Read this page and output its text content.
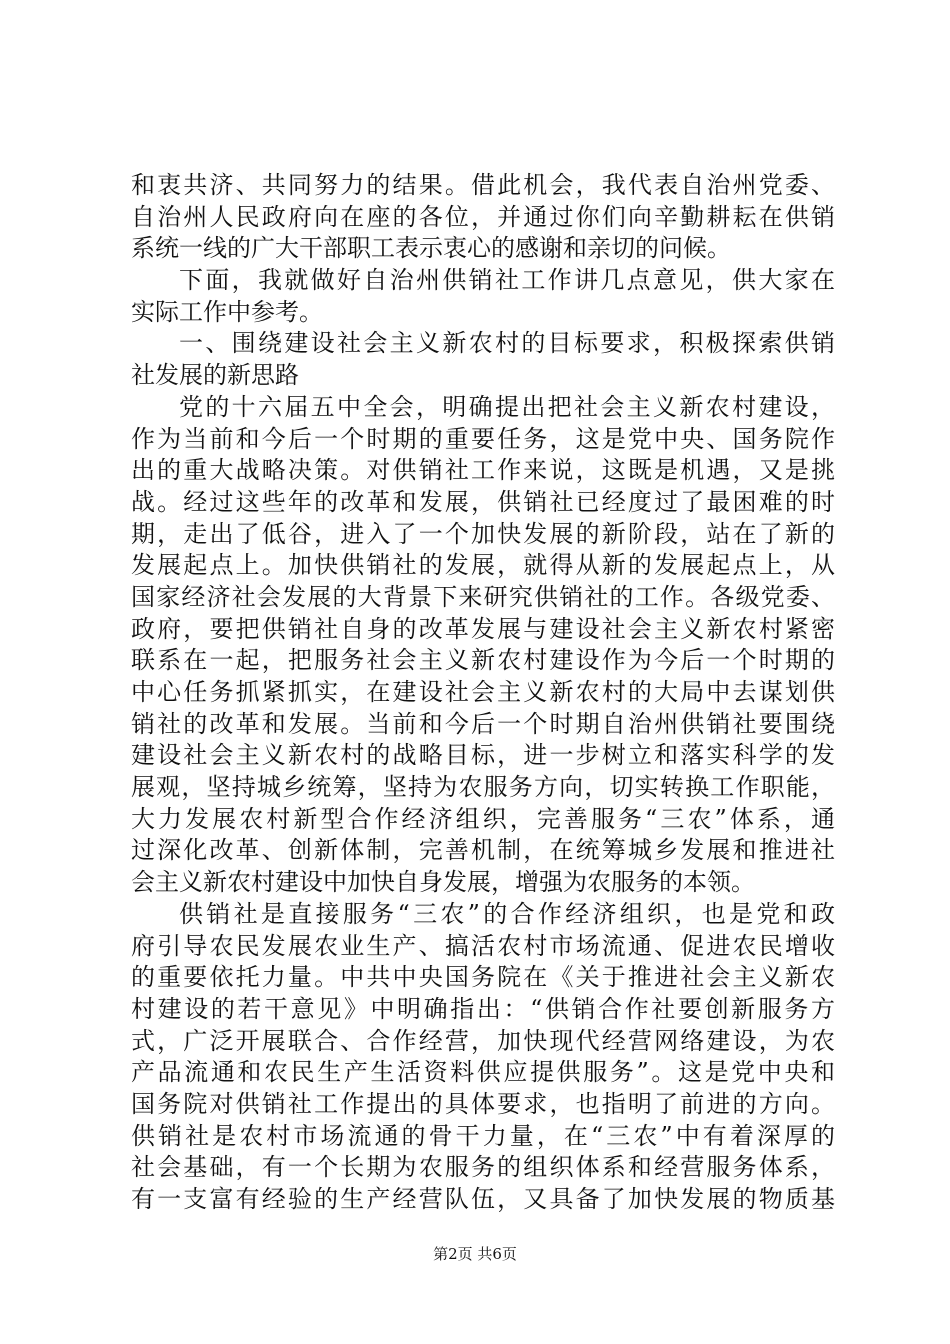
和衷共济、共同努力的结果。借此机会，我代表自治州党委、
自治州人民政府向在座的各位，并通过你们向辛勤耕耘在供销
系统一线的广大干部职工表示衷心的感谢和亲切的问候。
下面，我就做好自治州供销社工作讲几点意见，供大家在
实际工作中参考。
一、围绕建设社会主义新农村的目标要求，积极探索供销
社发展的新思路
党的十六届五中全会，明确提出把社会主义新农村建设，
作为当前和今后一个时期的重要任务，这是党中央、国务院作
出的重大战略决策。对供销社工作来说，这既是机遇，又是挑
战。经过这些年的改革和发展，供销社已经度过了最困难的时
期，走出了低谷，进入了一个加快发展的新阶段，站在了新的
发展起点上。加快供销社的发展，就得从新的发展起点上，从
国家经济社会发展的大背景下来研究供销社的工作。各级党委、
政府，要把供销社自身的改革发展与建设社会主义新农村紧密
联系在一起，把服务社会主义新农村建设作为今后一个时期的
中心任务抓紧抓实，在建设社会主义新农村的大局中去谋划供
销社的改革和发展。当前和今后一个时期自治州供销社要围绕
建设社会主义新农村的战略目标，进一步树立和落实科学的发
展观，坚持城乡统筹，坚持为农服务方向，切实转换工作职能，
大力发展农村新型合作经济组织，完善服务“三农”体系，通
过深化改革、创新体制，完善机制，在统筹城乡发展和推进社
会主义新农村建设中加快自身发展，增强为农服务的本领。
供销社是直接服务“三农”的合作经济组织，也是党和政
府引导农民发展农业生产、搞活农村市场流通、促进农民增收
的重要依托力量。中共中央国务院在《关于推进社会主义新农
村建设的若干意见》中明确指出：“供销合作社要创新服务方
式，广泛开展联合、合作经营，加快现代经营网络建设，为农
产品流通和农民生产生活资料供应提供服务”。这是党中央和
国务院对供销社工作提出的具体要求，也指明了前进的方向。
供销社是农村市场流通的骨干力量，在“三农”中有着深厚的
社会基础，有一个长期为农服务的组织体系和经营服务体系，
有一支富有经验的生产经营队伍，又具备了加快发展的物质基
第2页 共6页
